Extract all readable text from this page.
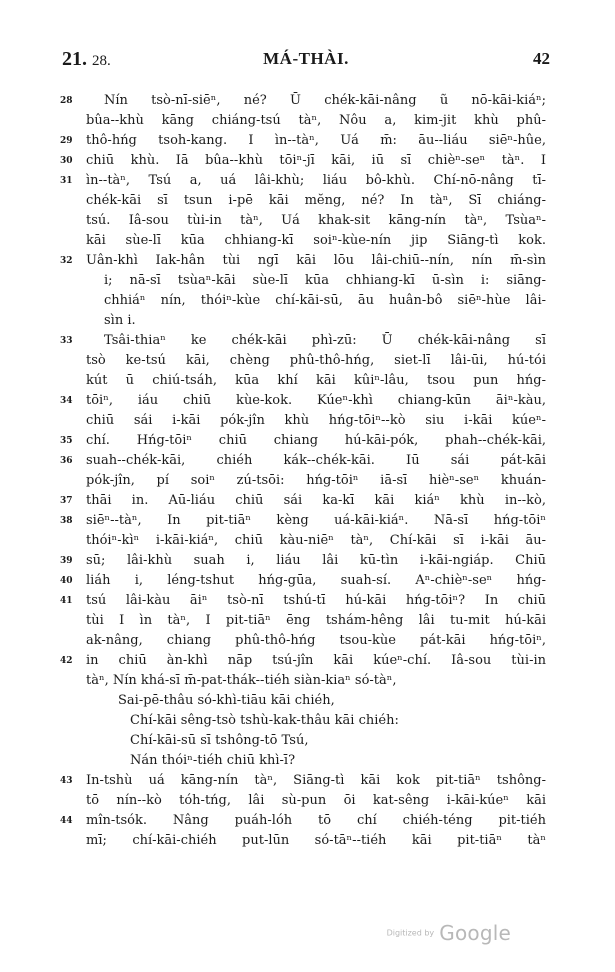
21. 28.	MÁ-THÀI.	42
28	Nín tsò-nī-siēⁿ, né? Ū chék-kāi-nâng ũ nō-kāi-kiáⁿ;
bûa--khù kāng chiáng-tsú tàⁿ, Nôu a, kim-jit khù phû-
29	thô-hńg tsoh-kang. I ìn--tàⁿ, Uá m̄: āu--liáu siēⁿ-hûe,
30	chiū khù. Iā bûa--khù tōiⁿ-jī kāi, iū sī chièⁿ-seⁿ tàⁿ. I
31	ìn--tàⁿ, Tsú a, uá lâi-khù; liáu bô-khù. Chí-nō-nâng tī-
chék-kāi sī tsun i-pē kāi mĕng, né? In tàⁿ, Sī chiáng-
tsú. Iâ-sou tùi-in tàⁿ, Uá khak-sit kāng-nín tàⁿ, Tsùaⁿ-
kāi sùe-lī kūa chhiang-kī soiⁿ-kùe-nín jip Siāng-tì kok.
32	Uân-khì Iak-hân tùi ngī kāi lōu lâi-chiū--nín, nín m̄-sìn
i; nā-sī tsùaⁿ-kāi sùe-lī kūa chhiang-kī ū-sìn i: siāng-
chhiáⁿ nín, thóiⁿ-kùe chí-kāi-sū, āu huân-bô siēⁿ-hùe lâi-
sìn i.
33	Tsâi-thiaⁿ ke chék-kāi phì-zū: Ū chék-kāi-nâng sī
tsò ke-tsú kāi, chèng phû-thô-hńg, siet-lī lâi-ūi, hú-tói
kút ū chiú-tsáh, kūa khí kāi kûiⁿ-lâu, tsou pun hńg-
34	tōiⁿ, iáu chiū kùe-kok. Kúeⁿ-khì chiang-kūn āiⁿ-kàu,
chiū sái i-kāi pók-jîn khù hńg-tōiⁿ--kò siu i-kāi kúeⁿ-
35	chí. Hńg-tōiⁿ chiū chiang hú-kāi-pók, phah--chék-kāi,
36	suah--chék-kāi, chiéh kák--chék-kāi. Iū sái pát-kāi
pók-jîn, pí soiⁿ zú-tsōi: hńg-tōiⁿ iā-sī hièⁿ-seⁿ khuán-
37	thāi in. Aū-liáu chiū sái ka-kī kāi kiáⁿ khù in--kò,
38	siēⁿ--tàⁿ, In pit-tiāⁿ kèng uá-kāi-kiáⁿ. Nā-sī hńg-tōiⁿ
thóiⁿ-kìⁿ i-kāi-kiáⁿ, chiū kàu-niēⁿ tàⁿ, Chí-kāi sī i-kāi āu-
39	sū; lâi-khù suah i, liáu lâi kū-tìn i-kāi-ngiáp. Chiū
40	liáh i, léng-tshut hńg-gūa, suah-sí. Aⁿ-chièⁿ-seⁿ hńg-
41	tsú lâi-kàu āiⁿ tsò-nī tshú-tī hú-kāi hńg-tōiⁿ? In chiū
tùi I ìn tàⁿ, I pit-tiāⁿ ēng tshám-hêng lâi tu-mit hú-kāi
ak-nâng, chiang phû-thô-hńg tsou-kùe pát-kāi hńg-tōiⁿ,
42	in chiū àn-khì nāp tsú-jîn kāi kúeⁿ-chí. Iâ-sou tùi-in
tàⁿ, Nín khá-sī m̄-pat-thák--tiéh siàn-kiaⁿ só-tàⁿ,
Sai-pē-thâu só-khì-tiāu kāi chiéh,
Chí-kāi sêng-tsò tshù-kak-thâu kāi chiéh:
Chí-kāi-sū sī tshông-tō Tsú,
Nán thóiⁿ-tiéh chiū khì-ī?
43	In-tshù uá kāng-nín tàⁿ, Siāng-tì kāi kok pit-tiāⁿ tshông-
tō nín--kò tóh-tńg, lâi sù-pun ōi kat-sêng i-kāi-kúeⁿ kāi
44	mîn-tsók. Nâng puáh-lóh tō chí chiéh-téng pit-tiéh
mī; chí-kāi-chiéh put-lūn só-tāⁿ--tiéh kāi pit-tiāⁿ tàⁿ
Digitized by Google
